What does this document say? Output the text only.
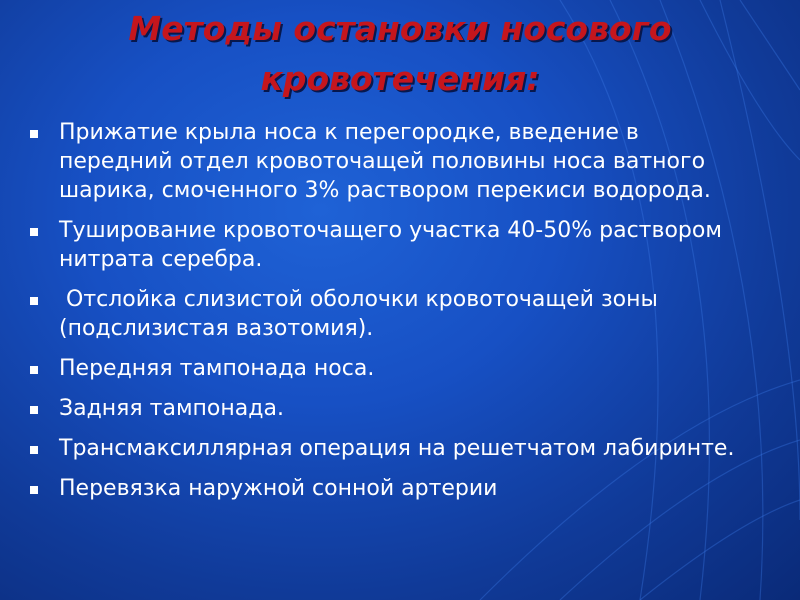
Методы остановки носового
кровотечения:
Прижатие крыла носа к перегородке, введение в передний отдел кровоточащей половины носа ватного шарика, смоченного 3% раствором перекиси водорода.
Туширование кровоточащего участка 40-50% раствором нитрата серебра.
Отслойка слизистой оболочки кровоточащей зоны (подслизистая вазотомия).
Передняя тампонада носа.
Задняя тампонада.
Трансмаксиллярная операция на решетчатом лабиринте.
Перевязка наружной сонной артерии
